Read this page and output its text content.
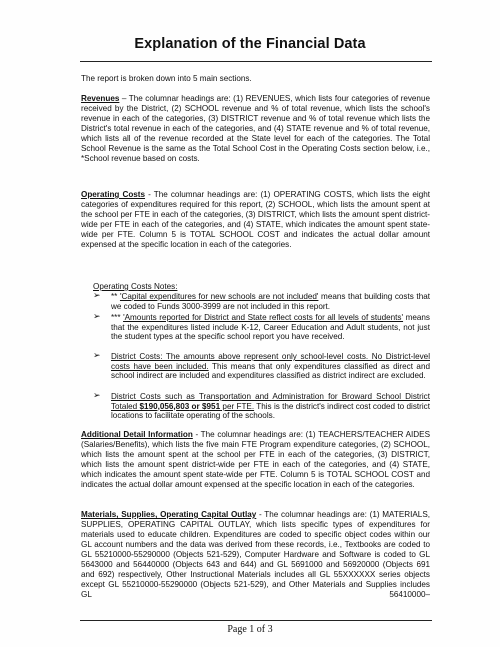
Explanation of the Financial Data

The report is broken down into 5 main sections.

Revenues – The columnar headings are: (1) REVENUES, which lists four categories of revenue received by the District, (2) SCHOOL revenue and % of total revenue, which lists the school's revenue in each of the categories, (3) DISTRICT revenue and % of total revenue which lists the District's total revenue in each of the categories, and (4) STATE revenue and % of total revenue, which lists all of the revenue recorded at the State level for each of the categories. The Total School Revenue is the same as the Total School Cost in the Operating Costs section below, i.e., *School revenue based on costs.

Operating Costs - The columnar headings are: (1) OPERATING COSTS, which lists the eight categories of expenditures required for this report, (2) SCHOOL, which lists the amount spent at the school per FTE in each of the categories, (3) DISTRICT, which lists the amount spent district-wide per FTE in each of the categories, and (4) STATE, which indicates the amount spent state-wide per FTE. Column 5 is TOTAL SCHOOL COST and indicates the actual dollar amount expensed at the specific location in each of the categories.

Operating Costs Notes:

➢ ** 'Capital expenditures for new schools are not included' means that building costs that we coded to Funds 3000-3999 are not included in this report.

➢ *** 'Amounts reported for District and State reflect costs for all levels of students' means that the expenditures listed include K-12, Career Education and Adult students, not just the student types at the specific school report you have received.

➢ District Costs: The amounts above represent only school-level costs. No District-level costs have been included. This means that only expenditures classified as direct and school indirect are included and expenditures classified as district indirect are excluded.

➢ District Costs such as Transportation and Administration for Broward School District Totaled $190,056,803 or $951 per FTE. This is the district's indirect cost coded to district locations to facilitate operating of the schools.

Additional Detail Information - The columnar headings are: (1) TEACHERS/TEACHER AIDES (Salaries/Benefits), which lists the five main FTE Program expenditure categories, (2) SCHOOL, which lists the amount spent at the school per FTE in each of the categories, (3) DISTRICT, which lists the amount spent district-wide per FTE in each of the categories, and (4) STATE, which indicates the amount spent state-wide per FTE. Column 5 is TOTAL SCHOOL COST and indicates the actual dollar amount expensed at the specific location in each of the categories.

Materials, Supplies, Operating Capital Outlay - The columnar headings are: (1) MATERIALS, SUPPLIES, OPERATING CAPITAL OUTLAY, which lists specific types of expenditures for materials used to educate children. Expenditures are coded to specific object codes within our GL account numbers and the data was derived from these records, i.e., Textbooks are coded to GL 55210000-55290000 (Objects 521-529), Computer Hardware and Software is coded to GL 5643000 and 56440000 (Objects 643 and 644) and GL 5691000 and 56920000 (Objects 691 and 692) respectively, Other Instructional Materials includes all GL 55XXXXXX series objects except GL 55210000-55290000 (Objects 521-529), and Other Materials and Supplies includes GL 56410000–

Page 1 of 3
